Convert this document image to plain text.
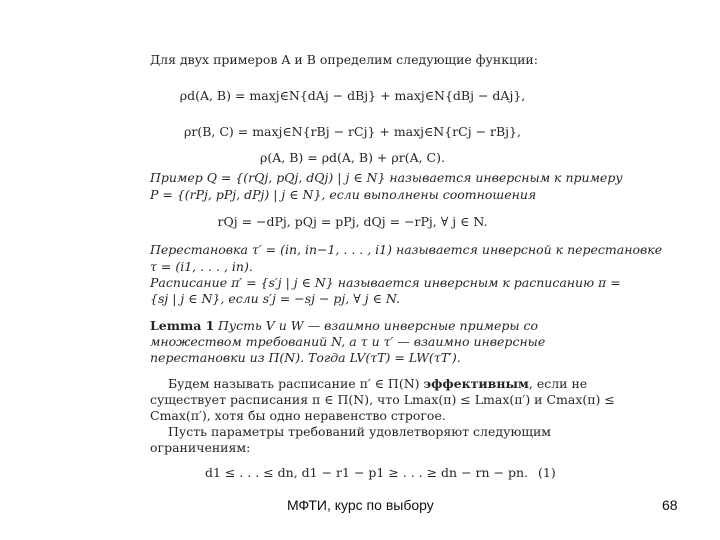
Для двух примеров A и B определим следующие функции:
ρd(A, B) = maxj∈N{dAj − dBj} + maxj∈N{dBj − dAj},
ρr(B, C) = maxj∈N{rBj − rCj} + maxj∈N{rCj − rBj},
ρ(A, B) = ρd(A, B) + ρr(A, C).
Пример Q = {(rQj, pQj, dQj) | j ∈ N} называется инверсным к примеру
P = {(rPj, pPj, dPj) | j ∈ N}, если выполнены соотношения
rQj = −dPj, pQj = pPj, dQj = −rPj, ∀ j ∈ N.
Перестановка τ′ = (in, in−1, . . . , i1) называется инверсной к перестановке
τ = (i1, . . . , in).
Расписание π′ = {s′j | j ∈ N} называется инверсным к расписанию π =
{sj | j ∈ N}, если s′j = −sj − pj, ∀ j ∈ N.
Lemma 1 Пусть V и W — взаимно инверсные примеры со
множеством требований N, а τ и τ′ — взаимно инверсные
перестановки из Π(N). Тогда LV(τT) = LW(τT′).
Будем называть расписание π′ ∈ Π(N) эффективным, если не
существует расписания π ∈ Π(N), что Lmax(π) ≤ Lmax(π′) и Cmax(π) ≤
Cmax(π′), хотя бы одно неравенство строгое.
Пусть параметры требований удовлетворяют следующим
ограничениям:
d1 ≤ . . . ≤ dn, d1 − r1 − p1 ≥ . . . ≥ dn − rn − pn. (1)
МФТИ, курс по выбору	68
